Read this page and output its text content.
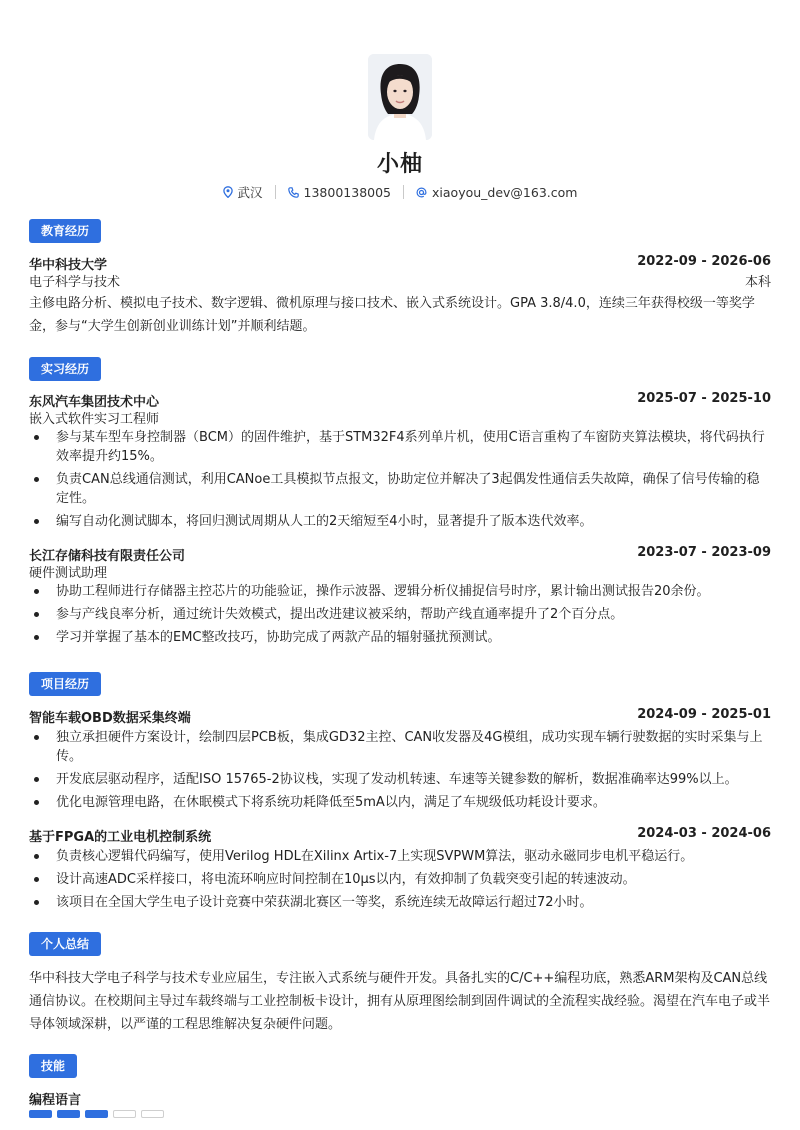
小柚
武汉	13800138005	xiaoyou_dev@163.com
教育经历
华中科技大学	2022-09 - 2026-06
电子科学与技术	本科
主修电路分析、模拟电子技术、数字逻辑、微机原理与接口技术、嵌入式系统设计。GPA 3.8/4.0，连续三年获得校级一等奖学金，参与“大学生创新创业训练计划”并顺利结题。
实习经历
东风汽车集团技术中心	2025-07 - 2025-10
嵌入式软件实习工程师
参与某车型车身控制器（BCM）的固件维护，基于STM32F4系列单片机，使用C语言重构了车窗防夹算法模块，将代码执行效率提升约15%。
负责CAN总线通信测试，利用CANoe工具模拟节点报文，协助定位并解决了3起偶发性通信丢失故障，确保了信号传输的稳定性。
编写自动化测试脚本，将回归测试周期从人工的2天缩短至4小时，显著提升了版本迭代效率。
长江存储科技有限责任公司	2023-07 - 2023-09
硬件测试助理
协助工程师进行存储器主控芯片的功能验证，操作示波器、逻辑分析仪捕捉信号时序，累计输出测试报告20余份。
参与产线良率分析，通过统计失效模式，提出改进建议被采纳，帮助产线直通率提升了2个百分点。
学习并掌握了基本的EMC整改技巧，协助完成了两款产品的辐射骚扰预测试。
项目经历
智能车载OBD数据采集终端	2024-09 - 2025-01
独立承担硬件方案设计，绘制四层PCB板，集成GD32主控、CAN收发器及4G模组，成功实现车辆行驶数据的实时采集与上传。
开发底层驱动程序，适配ISO 15765-2协议栈，实现了发动机转速、车速等关键参数的解析，数据准确率达99%以上。
优化电源管理电路，在休眠模式下将系统功耗降低至5mA以内，满足了车规级低功耗设计要求。
基于FPGA的工业电机控制系统	2024-03 - 2024-06
负责核心逻辑代码编写，使用Verilog HDL在Xilinx Artix-7上实现SVPWM算法，驱动永磁同步电机平稳运行。
设计高速ADC采样接口，将电流环响应时间控制在10μs以内，有效抑制了负载突变引起的转速波动。
该项目在全国大学生电子设计竞赛中荣获湖北赛区一等奖，系统连续无故障运行超过72小时。
个人总结
华中科技大学电子科学与技术专业应届生，专注嵌入式系统与硬件开发。具备扎实的C/C++编程功底，熟悉ARM架构及CAN总线通信协议。在校期间主导过车载终端与工业控制板卡设计，拥有从原理图绘制到固件调试的全流程实战经验。渴望在汽车电子或半导体领域深耕，以严谨的工程思维解决复杂硬件问题。
技能
编程语言
